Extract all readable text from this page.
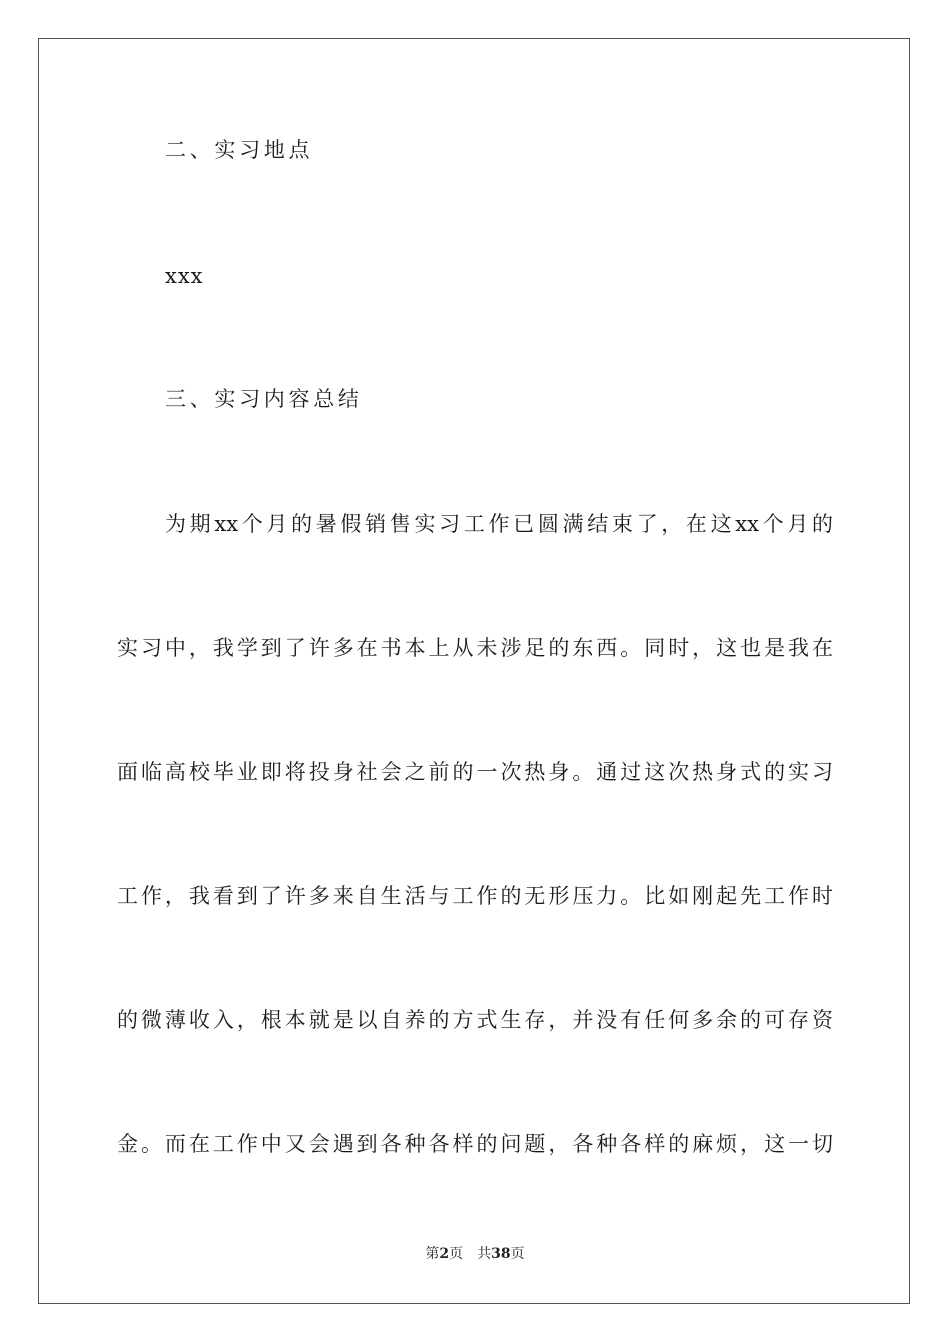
二、实习地点
xxx
三、实习内容总结
为期xx个月的暑假销售实习工作已圆满结束了，在这xx个月的
实习中，我学到了许多在书本上从未涉足的东西。同时，这也是我在
面临高校毕业即将投身社会之前的一次热身。通过这次热身式的实习
工作，我看到了许多来自生活与工作的无形压力。比如刚起先工作时
的微薄收入，根本就是以自养的方式生存，并没有任何多余的可存资
金。而在工作中又会遇到各种各样的问题，各种各样的麻烦，这一切
第2页 共38页
